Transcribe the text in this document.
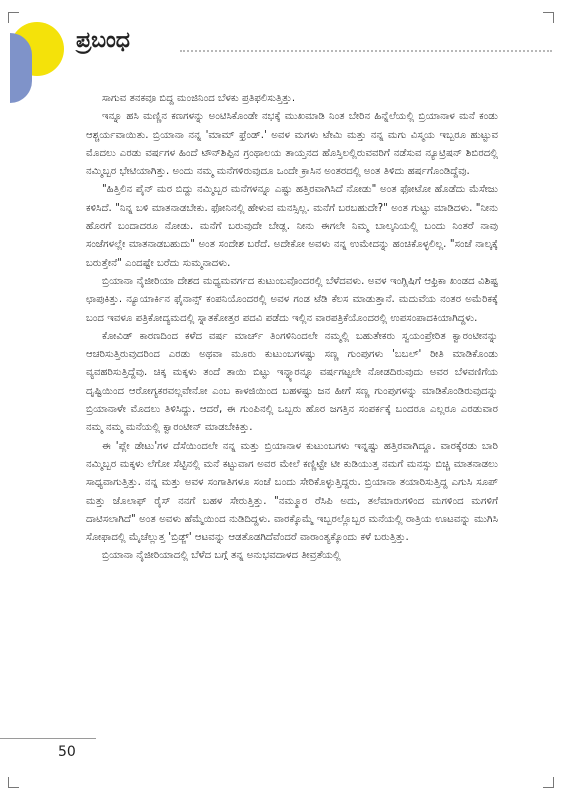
ಪ್ರಬಂಧ

ಸಾಗುವ ತನಕವೂ ಬಿದ್ದ ಮಂಜಿನಿಂದ ಬೆಳಕು ಪ್ರತಿಫಲಿಸುತ್ತಿತ್ತು.

ಇನ್ನೂ ಹಸಿ ಮಣ್ಣಿನ ಕಣಗಳನ್ನು ಅಂಟಿಸಿಕೊಂಡೇ ನಭಕ್ಕೆ ಮುಖಮಾಡಿ ನಿಂತ ಬೇರಿನ ಹಿನ್ನೆಲೆಯಲ್ಲಿ ಬ್ರಿಯಾನಾಳ ಮನೆ ಕಂಡು ಆಶ್ಚರ್ಯವಾಯಿತು. ಬ್ರಿಯಾನಾ ನನ್ನ 'ಮಾಮ್ ಫ್ರೆಂಡ್.' ಅವಳ ಮಗಳು ಟೇಮಿ ಮತ್ತು ನನ್ನ ಮಗು ವಿಸ್ಮಯ ಇಬ್ಬರೂ ಹುಟ್ಟುವ ಮೊದಲು ಎರಡು ವರ್ಷಗಳ ಹಿಂದೆ ಟೌನ್‌ಶಿಪ್ಪಿನ ಗ್ರಂಥಾಲಯ ತಾಯ್ತನದ ಹೊಸ್ತಿಲಲ್ಲಿರುವವರಿಗೆ ನಡೆಸುವ ನ್ಯೂಟ್ರಿಷನ್ ಶಿಬಿರದಲ್ಲಿ ನಮ್ಮಿಬ್ಬರ ಭೇಟಿಯಾಗಿತ್ತು. ಅಂದು ನಮ್ಮ ಮನೆಗಳಿರುವುದೂ ಒಂದೇ ಕ್ರಾಸಿನ ಅಂತರದಲ್ಲಿ ಅಂತ ತಿಳಿದು ಹರ್ಷಗೊಂಡಿದ್ದೆವು.

"ಹಿತ್ತಿಲಿನ ಪೈನ್ ಮರ ಬಿದ್ದು ನಮ್ಮಿಬ್ಬರ ಮನೆಗಳನ್ನೂ ಎಷ್ಟು ಹತ್ತಿರವಾಗಿಸಿದೆ ನೋಡು" ಅಂತ ಫೋಟೋ ಹೊಡೆದು ಮೆಸೇಜು ಕಳಿಸಿದೆ. "ನಿನ್ನ ಬಳಿ ಮಾತನಾಡಬೇಕು. ಫೋನಿನಲ್ಲಿ ಹೇಳುವ ಮನಸ್ಸಿಲ್ಲ. ಮನೆಗೆ ಬರಬಹುದೇ?" ಅಂತ ಗುಟ್ಟು ಮಾಡಿದಳು. "ನೀನು ಹೊರಗೆ ಬಂದಾದರೂ ನೋಡು. ಮನೆಗೆ ಬರುವುದೇ ಬೇಡ್ಲ. ನೀನು ಈಗಲೇ ನಿಮ್ಮ ಬಾಲ್ಕನಿಯಲ್ಲಿ ಬಂದು ನಿಂತರೆ ನಾವು ಸಂಜೆಗಳಲ್ಲೇ ಮಾತನಾಡಬಹುದು" ಅಂತ ಸಂದೇಶ ಬರೆದೆ. ಅದೇಕೋ ಅವಳು ನನ್ನ ಉಮೇದನ್ನು ಹಂಚಿಕೊಳ್ಳಲಿಲ್ಲ. "ಸಂಜೆ ನಾಲ್ಕಕ್ಕೆ ಬರುತ್ತೇನೆ" ಎಂದಷ್ಟೇ ಬರೆದು ಸುಮ್ಮನಾದಳು.

ಬ್ರಿಯಾನಾ ನೈಜೀರಿಯಾ ದೇಶದ ಮಧ್ಯಮವರ್ಗದ ಕುಟುಂಬವೊಂದರಲ್ಲಿ ಬೆಳೆದವಳು. ಅವಳ ಇಂಗ್ಲಿಷಿಗೆ ಆಫ್ರಿಕಾ ಖಂಡದ ವಿಶಿಷ್ಟ ಛಾಪುಕಿತ್ತು. ನ್ಯೂಯಾರ್ಕಿನ ಫೈನಾನ್ಸ್ ಕಂಪನಿಯೊಂದರಲ್ಲಿ ಅವಳ ಗಂಡ ಟೆಡಿ ಕೆಲಸ ಮಾಡುತ್ತಾನೆ. ಮದುವೆಯ ನಂತರ ಅಮೆರಿಕಕ್ಕೆ ಬಂದ ಇವಳೂ ಪತ್ರಿಕೋದ್ಯಮದಲ್ಲಿ ಸ್ನಾತಕೋತ್ತರ ಪದವಿ ಪಡೆದು ಇಲ್ಲಿನ ವಾರಪತ್ರಿಕೆಯೊಂದರಲ್ಲಿ ಉಪಸಂಪಾದಕಿಯಾಗಿದ್ದಳು.

ಕೋವಿಡ್ ಕಾರಣದಿಂದ ಕಳೆದ ವರ್ಷ ಮಾರ್ಚ್ ತಿಂಗಳಿನಿಂದಲೇ ನಮ್ಮಲ್ಲಿ ಬಹುತೇಕರು ಸ್ವಯಂಪ್ರೇರಿತ ಕ್ವಾರಂಟೀನನ್ನು ಆಚರಿಸುತ್ತಿರುವುದರಿಂದ ಎರಡು ಅಥವಾ ಮೂರು ಕುಟುಂಬಗಳಷ್ಟು ಸಣ್ಣ ಗುಂಪುಗಳು 'ಬಬಲ್' ರೀತಿ ಮಾಡಿಕೊಂಡು ವ್ಯವಹರಿಸುತ್ತಿದ್ದೆವು. ಚಿಕ್ಕ ಮಕ್ಕಳು ತಂದೆ ತಾಯಿ ಬಿಟ್ಟು ಇನ್ನ್ಯಾರನ್ನೂ ವರ್ಷಗಟ್ಟಲೇ ನೋಡದಿರುವುದು ಅವರ ಬೆಳವಣಿಗೆಯ ದೃಷ್ಟಿಯಿಂದ ಆರೋಗ್ಯಕರವಲ್ಲವೇನೋ ಎಂಬ ಕಾಳಜಿಯಿಂದ ಬಹಳಷ್ಟು ಜನ ಹೀಗೆ ಸಣ್ಣ ಗುಂಪುಗಳನ್ನು ಮಾಡಿಕೊಂಡಿರುವುದನ್ನು ಬ್ರಿಯಾನಾಳೇ ಮೊದಲು ತಿಳಿಸಿದ್ದು. ಆದರೆ, ಈ ಗುಂಪಿನಲ್ಲಿ ಒಬ್ಬರು ಹೊರ ಜಗತ್ತಿನ ಸಂಪರ್ಕಕ್ಕೆ ಬಂದರೂ ಎಲ್ಲರೂ ಎರಡುವಾರ ನಮ್ಮ ನಮ್ಮ ಮನೆಯಲ್ಲಿ ಕ್ವಾರಂಟೀನ್ ಮಾಡಬೇಕಿತ್ತು.

ಈ 'ಪ್ಲೇ ಡೇಟು'ಗಳ ದೆಸೆಯಿಂದಲೇ ನನ್ನ ಮತ್ತು ಬ್ರಿಯಾನಾಳ ಕುಟುಂಬಗಳು ಇನ್ನಷ್ಟು ಹತ್ತಿರವಾಗಿದ್ದೂ. ವಾರಕ್ಕೆರಡು ಬಾರಿ ನಮ್ಮಿಬ್ಬರ ಮಕ್ಕಳು ಲೆಗೋ ಸೆಟ್ಟಿನಲ್ಲಿ ಮನೆ ಕಟ್ಟುವಾಗ ಅವರ ಮೇಲೆ ಕಣ್ಣಿಟ್ಟೇ ಟೀ ಕುಡಿಯುತ್ತ ನಮಗೆ ಮನಸ್ಸು ಬಿಚ್ಚಿ ಮಾತನಾಡಲು ಸಾಧ್ಯವಾಗುತ್ತಿತ್ತು. ನನ್ನ ಮತ್ತು ಅವಳ ಸಂಗಾತಿಗಳೂ ಸಂಜೆ ಬಂದು ಸೇರಿಕೊಳ್ಳುತ್ತಿದ್ದರು. ಬ್ರಿಯಾನಾ ತಯಾರಿಸುತ್ತಿದ್ದ ಎಗುಸಿ ಸೂಪ್ ಮತ್ತು ಜೊಲಾಫ್ ರೈಸ್ ನನಗೆ ಬಹಳ ಸೇರುತ್ತಿತ್ತು. "ನಮ್ಮೂರ ರೆಸಿಪಿ ಅದು, ತಲೆಮಾರುಗಳಿಂದ ಮಗಳಿಂದ ಮಗಳಿಗೆ ದಾಟಿಸಲಾಗಿದೆ" ಅಂತ ಅವಳು ಹೆಮ್ಮೆಯಿಂದ ನುಡಿದಿದ್ದಳು. ವಾರಕ್ಕೊಮ್ಮೆ ಇಬ್ಬರಲ್ಲೊಬ್ಬರ ಮನೆಯಲ್ಲಿ ರಾತ್ರಿಯ ಊಟವನ್ನು ಮುಗಿಸಿ ಸೋಫಾದಲ್ಲಿ ಮೈಚೆಲ್ಲುತ್ತ 'ಬ್ರಿಡ್ಜ್' ಆಟವನ್ನು ಆಡತೊಡಗಿದೆವೆಂದರೆ ವಾರಾಂತ್ಯಕ್ಕೊಂದು ಕಳೆ ಬರುತ್ತಿತ್ತು.

ಬ್ರಿಯಾನಾ ನೈಜೀರಿಯಾದಲ್ಲಿ ಬೆಳೆದ ಬಗ್ಗೆ ತನ್ನ ಅನುಭವದಾಳದ ತೀವ್ರತೆಯಲ್ಲಿ

50
